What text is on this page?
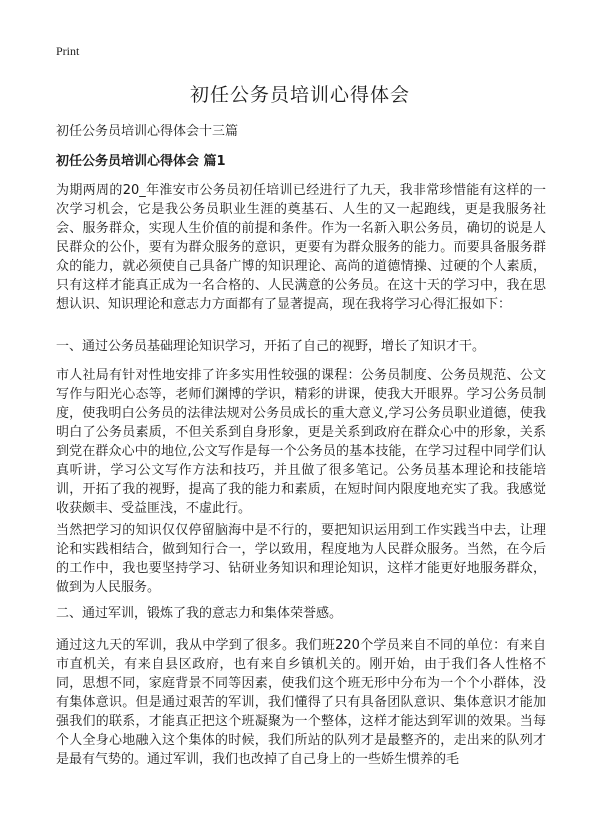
Print
初任公务员培训心得体会

初任公务员培训心得体会十三篇

初任公务员培训心得体会 篇1

为期两周的20_年淮安市公务员初任培训已经进行了九天，我非常珍惜能有这样的一次学习机会，它是我公务员职业生涯的奠基石、人生的又一起跑线，更是我服务社会、服务群众，实现人生价值的前提和条件。作为一名新入职公务员，确切的说是人民群众的公仆，要有为群众服务的意识，更要有为群众服务的能力。而要具备服务群众的能力，就必须使自己具备广博的知识理论、高尚的道德情操、过硬的个人素质，只有这样才能真正成为一名合格的、人民满意的公务员。在这十天的学习中，我在思想认识、知识理论和意志力方面都有了显著提高，现在我将学习心得汇报如下：

一、通过公务员基础理论知识学习，开拓了自己的视野，增长了知识才干。

市人社局有针对性地安排了许多实用性较强的课程：公务员制度、公务员规范、公文写作与阳光心态等，老师们渊博的学识，精彩的讲课，使我大开眼界。学习公务员制度，使我明白公务员的法律法规对公务员成长的重大意义,学习公务员职业道德，使我明白了公务员素质，不但关系到自身形象，更是关系到政府在群众心中的形象，关系到党在群众心中的地位,公文写作是每一个公务员的基本技能，在学习过程中同学们认真听讲，学习公文写作方法和技巧，并且做了很多笔记。公务员基本理论和技能培训，开拓了我的视野，提高了我的能力和素质，在短时间内限度地充实了我。我感觉收获颇丰、受益匪浅，不虚此行。

当然把学习的知识仅仅停留脑海中是不行的，要把知识运用到工作实践当中去，让理论和实践相结合，做到知行合一，学以致用，程度地为人民群众服务。当然，在今后的工作中，我也要坚持学习、钻研业务知识和理论知识，这样才能更好地服务群众，做到为人民服务。

二、通过军训，锻炼了我的意志力和集体荣誉感。

通过这九天的军训，我从中学到了很多。我们班220个学员来自不同的单位：有来自市直机关，有来自县区政府，也有来自乡镇机关的。刚开始，由于我们各人性格不同，思想不同，家庭背景不同等因素，使我们这个班无形中分布为一个个小群体，没有集体意识。但是通过艰苦的军训，我们懂得了只有具备团队意识、集体意识才能加强我们的联系，才能真正把这个班凝聚为一个整体，这样才能达到军训的效果。当每个人全身心地融入这个集体的时候，我们所站的队列才是最整齐的，走出来的队列才是最有气势的。通过军训，我们也改掉了自己身上的一些娇生惯养的毛
